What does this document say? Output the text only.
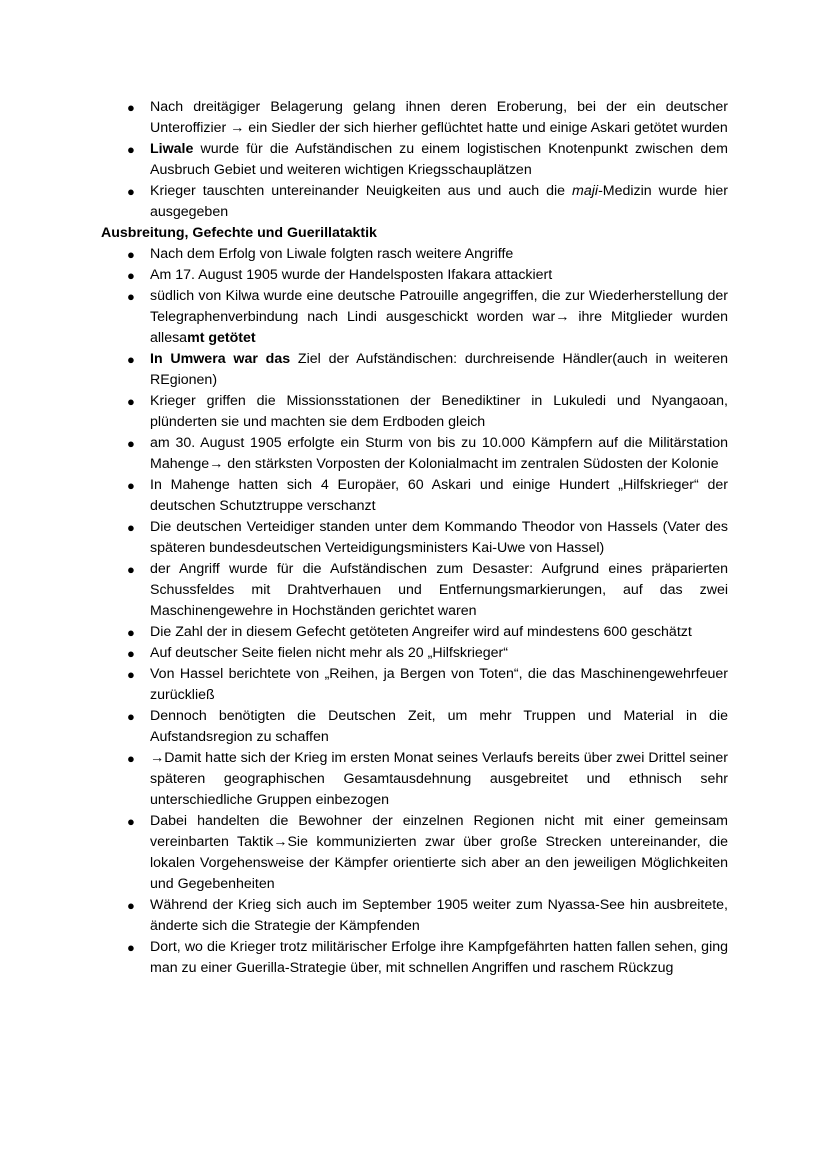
● Nach dreitägiger Belagerung gelang ihnen deren Eroberung, bei der ein deutscher Unteroffizier → ein Siedler der sich hierher geflüchtet hatte und einige Askari getötet wurden
● Liwale wurde für die Aufständischen zu einem logistischen Knotenpunkt zwischen dem Ausbruch Gebiet und weiteren wichtigen Kriegsschauplätzen
● Krieger tauschten untereinander Neuigkeiten aus und auch die maji-Medizin wurde hier ausgegeben

Ausbreitung, Gefechte und Guerillataktik

● Nach dem Erfolg von Liwale folgten rasch weitere Angriffe
● Am 17. August 1905 wurde der Handelsposten Ifakara attackiert
● südlich von Kilwa wurde eine deutsche Patrouille angegriffen, die zur Wiederherstellung der Telegraphenverbindung nach Lindi ausgeschickt worden war→ ihre Mitglieder wurden allesamt getötet
● In Umwera war das Ziel der Aufständischen: durchreisende Händler(auch in weiteren REgionen)
● Krieger griffen die Missionsstationen der Benediktiner in Lukuledi und Nyangaoan, plünderten sie und machten sie dem Erdboden gleich
● am 30. August 1905 erfolgte ein Sturm von bis zu 10.000 Kämpfern auf die Militärstation Mahenge→ den stärksten Vorposten der Kolonialmacht im zentralen Südosten der Kolonie
● In Mahenge hatten sich 4 Europäer, 60 Askari und einige Hundert „Hilfskrieger“ der deutschen Schutztruppe verschanzt
● Die deutschen Verteidiger standen unter dem Kommando Theodor von Hassels (Vater des späteren bundesdeutschen Verteidigungsministers Kai-Uwe von Hassel)
● der Angriff wurde für die Aufständischen zum Desaster: Aufgrund eines präparierten Schussfeldes mit Drahtverhauen und Entfernungsmarkierungen, auf das zwei Maschinengewehre in Hochständen gerichtet waren
● Die Zahl der in diesem Gefecht getöteten Angreifer wird auf mindestens 600 geschätzt
● Auf deutscher Seite fielen nicht mehr als 20 „Hilfskrieger“
● Von Hassel berichtete von „Reihen, ja Bergen von Toten“, die das Maschinengewehrfeuer zurückließ
● Dennoch benötigten die Deutschen Zeit, um mehr Truppen und Material in die Aufstandsregion zu schaffen
● →Damit hatte sich der Krieg im ersten Monat seines Verlaufs bereits über zwei Drittel seiner späteren geographischen Gesamtausdehnung ausgebreitet und ethnisch sehr unterschiedliche Gruppen einbezogen
● Dabei handelten die Bewohner der einzelnen Regionen nicht mit einer gemeinsam vereinbarten Taktik→Sie kommunizierten zwar über große Strecken untereinander, die lokalen Vorgehensweise der Kämpfer orientierte sich aber an den jeweiligen Möglichkeiten und Gegebenheiten
● Während der Krieg sich auch im September 1905 weiter zum Nyassa-See hin ausbreitete, änderte sich die Strategie der Kämpfenden
● Dort, wo die Krieger trotz militärischer Erfolge ihre Kampfgefährten hatten fallen sehen, ging man zu einer Guerilla-Strategie über, mit schnellen Angriffen und raschem Rückzug
